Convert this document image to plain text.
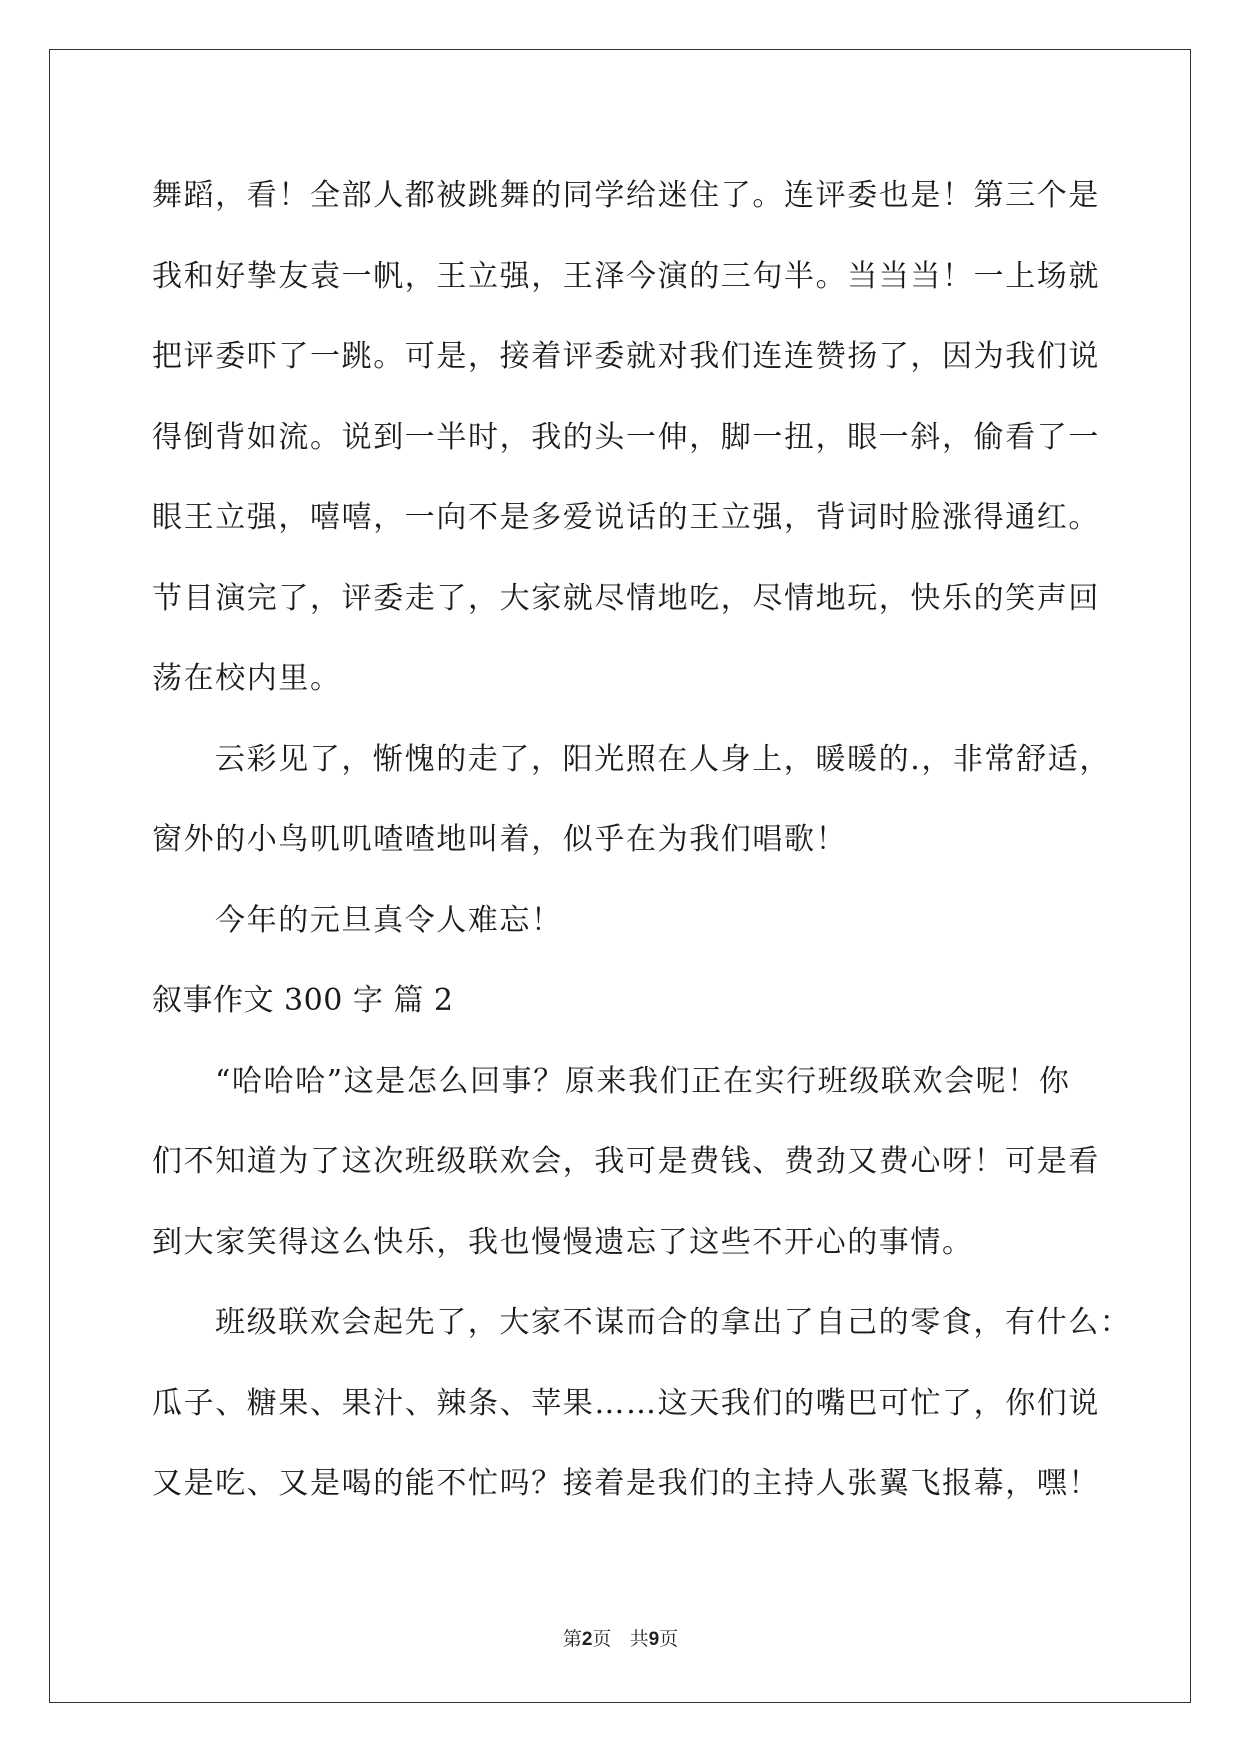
舞蹈，看！全部人都被跳舞的同学给迷住了。连评委也是！第三个是
我和好挚友袁一帆，王立强，王泽今演的三句半。当当当！一上场就
把评委吓了一跳。可是，接着评委就对我们连连赞扬了，因为我们说
得倒背如流。说到一半时，我的头一伸，脚一扭，眼一斜，偷看了一
眼王立强，嘻嘻，一向不是多爱说话的王立强，背词时脸涨得通红。
节目演完了，评委走了，大家就尽情地吃，尽情地玩，快乐的笑声回
荡在校内里。
云彩见了，惭愧的走了，阳光照在人身上，暖暖的.，非常舒适，
窗外的小鸟叽叽喳喳地叫着，似乎在为我们唱歌！
今年的元旦真令人难忘！
叙事作文 300 字 篇 2
“哈哈哈”这是怎么回事？原来我们正在实行班级联欢会呢！你
们不知道为了这次班级联欢会，我可是费钱、费劲又费心呀！可是看
到大家笑得这么快乐，我也慢慢遗忘了这些不开心的事情。
班级联欢会起先了，大家不谋而合的拿出了自己的零食，有什么：
瓜子、糖果、果汁、辣条、苹果……这天我们的嘴巴可忙了，你们说
又是吃、又是喝的能不忙吗？接着是我们的主持人张翼飞报幕，嘿！
第2页 共9页
